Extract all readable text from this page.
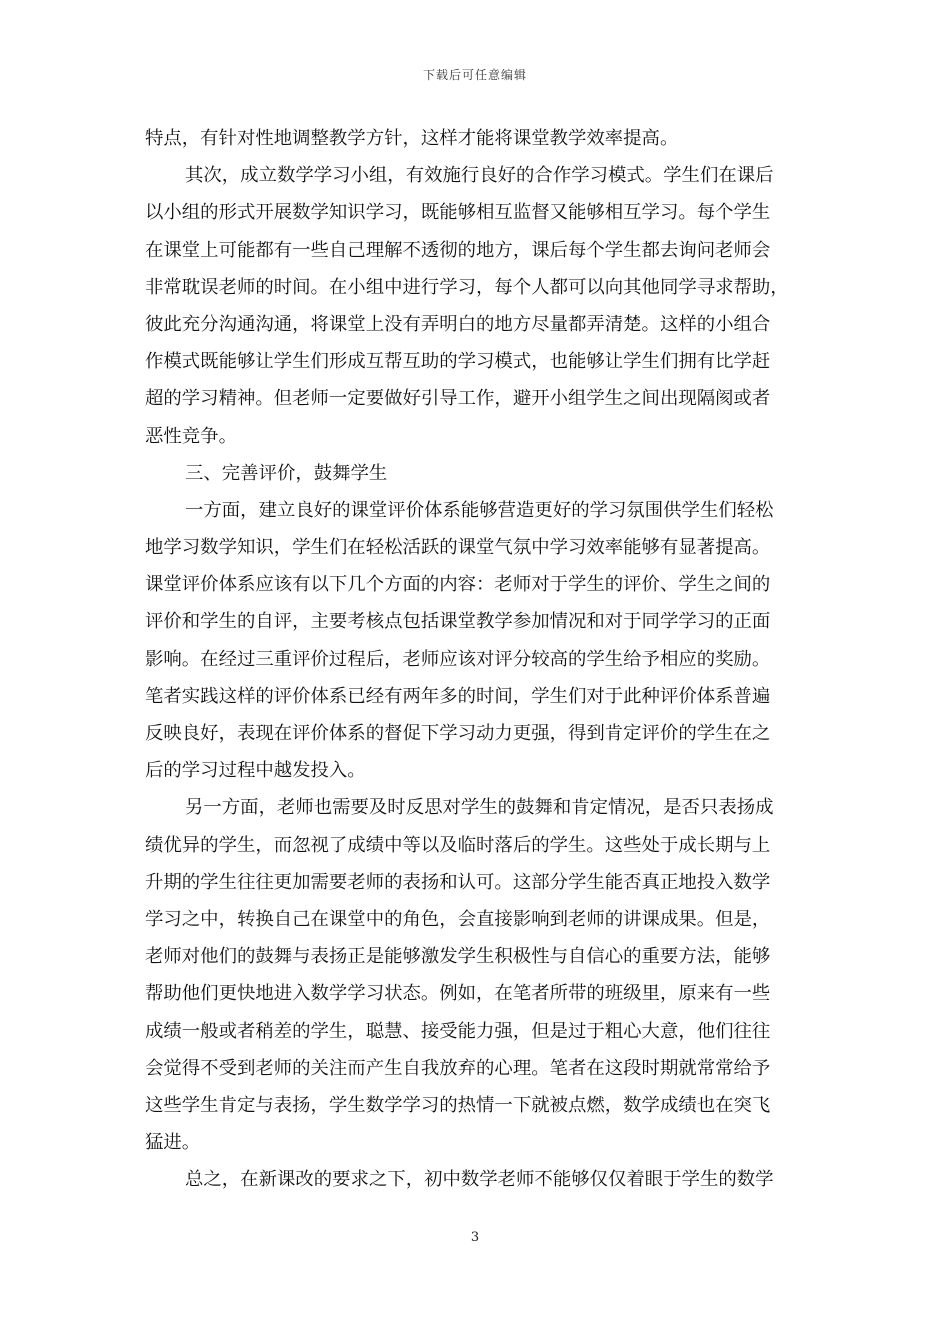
下载后可任意编辑
特点，有针对性地调整教学方针，这样才能将课堂教学效率提高。
其次，成立数学学习小组，有效施行良好的合作学习模式。学生们在课后
以小组的形式开展数学知识学习，既能够相互监督又能够相互学习。每个学生
在课堂上可能都有一些自己理解不透彻的地方，课后每个学生都去询问老师会
非常耽误老师的时间。在小组中进行学习，每个人都可以向其他同学寻求帮助，
彼此充分沟通沟通，将课堂上没有弄明白的地方尽量都弄清楚。这样的小组合
作模式既能够让学生们形成互帮互助的学习模式，也能够让学生们拥有比学赶
超的学习精神。但老师一定要做好引导工作，避开小组学生之间出现隔阂或者
恶性竞争。
三、完善评价，鼓舞学生
一方面，建立良好的课堂评价体系能够营造更好的学习氛围供学生们轻松
地学习数学知识，学生们在轻松活跃的课堂气氛中学习效率能够有显著提高。
课堂评价体系应该有以下几个方面的内容：老师对于学生的评价、学生之间的
评价和学生的自评，主要考核点包括课堂教学参加情况和对于同学学习的正面
影响。在经过三重评价过程后，老师应该对评分较高的学生给予相应的奖励。
笔者实践这样的评价体系已经有两年多的时间，学生们对于此种评价体系普遍
反映良好，表现在评价体系的督促下学习动力更强，得到肯定评价的学生在之
后的学习过程中越发投入。
另一方面，老师也需要及时反思对学生的鼓舞和肯定情况，是否只表扬成
绩优异的学生，而忽视了成绩中等以及临时落后的学生。这些处于成长期与上
升期的学生往往更加需要老师的表扬和认可。这部分学生能否真正地投入数学
学习之中，转换自己在课堂中的角色，会直接影响到老师的讲课成果。但是，
老师对他们的鼓舞与表扬正是能够激发学生积极性与自信心的重要方法，能够
帮助他们更快地进入数学学习状态。例如，在笔者所带的班级里，原来有一些
成绩一般或者稍差的学生，聪慧、接受能力强，但是过于粗心大意，他们往往
会觉得不受到老师的关注而产生自我放弃的心理。笔者在这段时期就常常给予
这些学生肯定与表扬，学生数学学习的热情一下就被点燃，数学成绩也在突飞
猛进。
总之，在新课改的要求之下，初中数学老师不能够仅仅着眼于学生的数学
3
